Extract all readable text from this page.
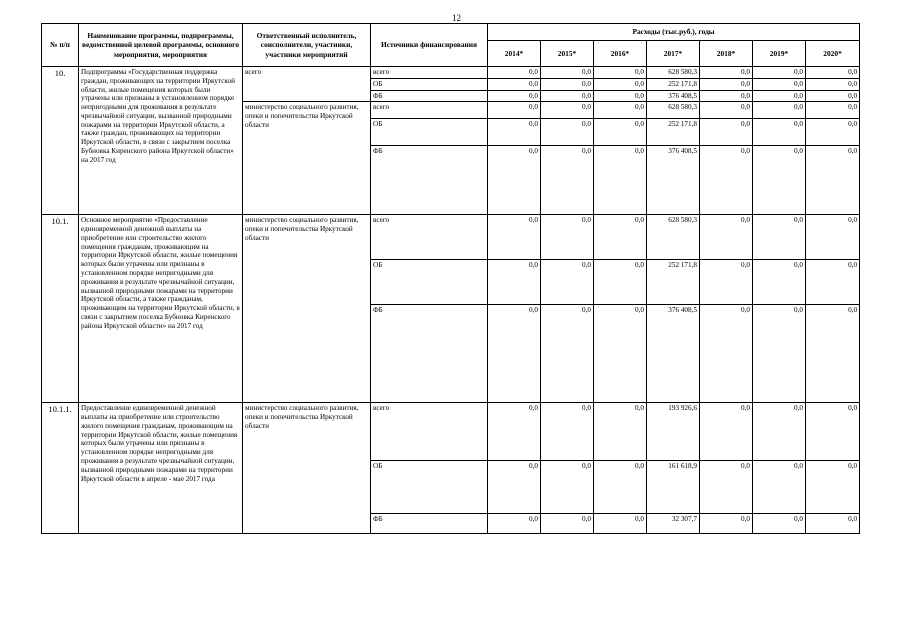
12
№ п/п	Наименование программы, подпрограммы, ведомственной целевой программы, основного мероприятия, мероприятия	Ответственный исполнитель, соисполнители, участники, участники мероприятий	Источники финансирования	Расходы (тыс.руб.), годы						
				2014*	2015*	2016*	2017*	2018*	2019*	2020*
10.	Подпрограмма «Государственная поддержка граждан, проживающих на территории Иркутской области, жилые помещения которых были утрачены или признаны в установленном порядке непригодными для проживания в результате чрезвычайной ситуации, вызванной природными пожарами на территории Иркутской области, а также граждан, проживающих на территории Иркутской области, в связи с закрытием поселка Бубновка Киренского района Иркутской области» на 2017 год	всего	всего	0,0	0,0	0,0	628 580,3	0,0	0,0	0,0
			ОБ	0,0	0,0	0,0	252 171,8	0,0	0,0	0,0
			ФБ	0,0	0,0	0,0	376 408,5	0,0	0,0	0,0
		министерство социального развития, опеки и попечительства Иркутской области	всего	0,0	0,0	0,0	628 580,3	0,0	0,0	0,0
			ОБ	0,0	0,0	0,0	252 171,8	0,0	0,0	0,0
			ФБ	0,0	0,0	0,0	376 408,5	0,0	0,0	0,0
10.1.	Основное мероприятие «Предоставление единовременной денежной выплаты на приобретение или строительство жилого помещения гражданам, проживающим на территории Иркутской области, жилые помещения которых были утрачены или признаны в установленном порядке непригодными для проживания в результате чрезвычайной ситуации, вызванной природными пожарами на территории Иркутской области, а также гражданам, проживающим на территории Иркутской области, в связи с закрытием поселка Бубновка Киренского района Иркутской области» на 2017 год	министерство социального развития, опеки и попечительства Иркутской области	всего	0,0	0,0	0,0	628 580,3	0,0	0,0	0,0
			ОБ	0,0	0,0	0,0	252 171,8	0,0	0,0	0,0
			ФБ	0,0	0,0	0,0	376 408,5	0,0	0,0	0,0
10.1.1.	Предоставление единовременной денежной выплаты на приобретение или строительство жилого помещения гражданам, проживающим на территории Иркутской области, жилые помещения которых были утрачены или признаны в установленном порядке непригодными для проживания в результате чрезвычайной ситуации, вызванной природными пожарами на территории Иркутской области в апреле - мае 2017 года	министерство социального развития, опеки и попечительства Иркутской области	всего	0,0	0,0	0,0	193 926,6	0,0	0,0	0,0
			ОБ	0,0	0,0	0,0	161 618,9	0,0	0,0	0,0
			ФБ	0,0	0,0	0,0	32 307,7	0,0	0,0	0,0
